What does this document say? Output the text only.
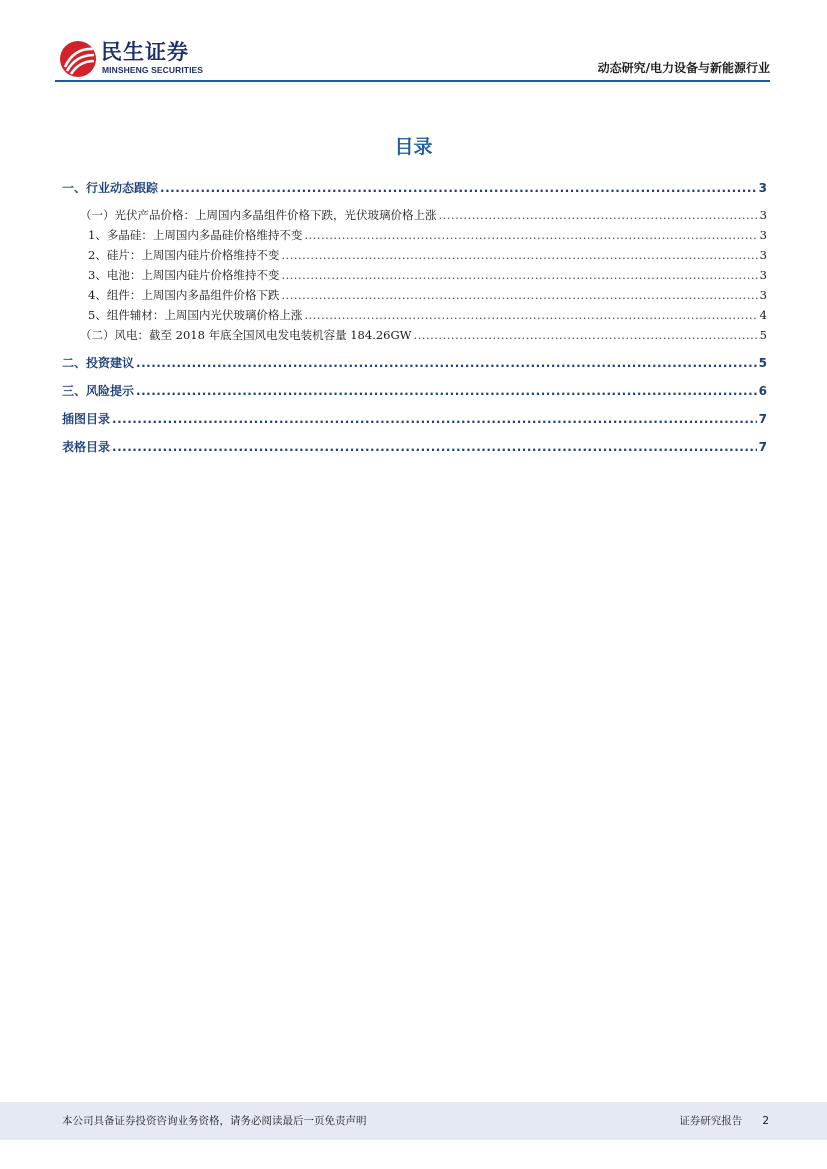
民生证券
MINSHENG SECURITIES	动态研究/电力设备与新能源行业
目录
一、行业动态跟踪 .....	3
（一）光伏产品价格：上周国内多晶组件价格下跌，光伏玻璃价格上涨 .....	3
1、多晶硅：上周国内多晶硅价格维持不变 .....	3
2、硅片：上周国内硅片价格维持不变 .....	3
3、电池：上周国内硅片价格维持不变 .....	3
4、组件：上周国内多晶组件价格下跌 .....	3
5、组件辅材：上周国内光伏玻璃价格上涨 .....	4
（二）风电：截至 2018 年底全国风电发电装机容量 184.26GW .....	5
二、投资建议 .....	5
三、风险提示 .....	6
插图目录 .....	7
表格目录 .....	7
本公司具备证券投资咨询业务资格，请务必阅读最后一页免责声明	证券研究报告 2
